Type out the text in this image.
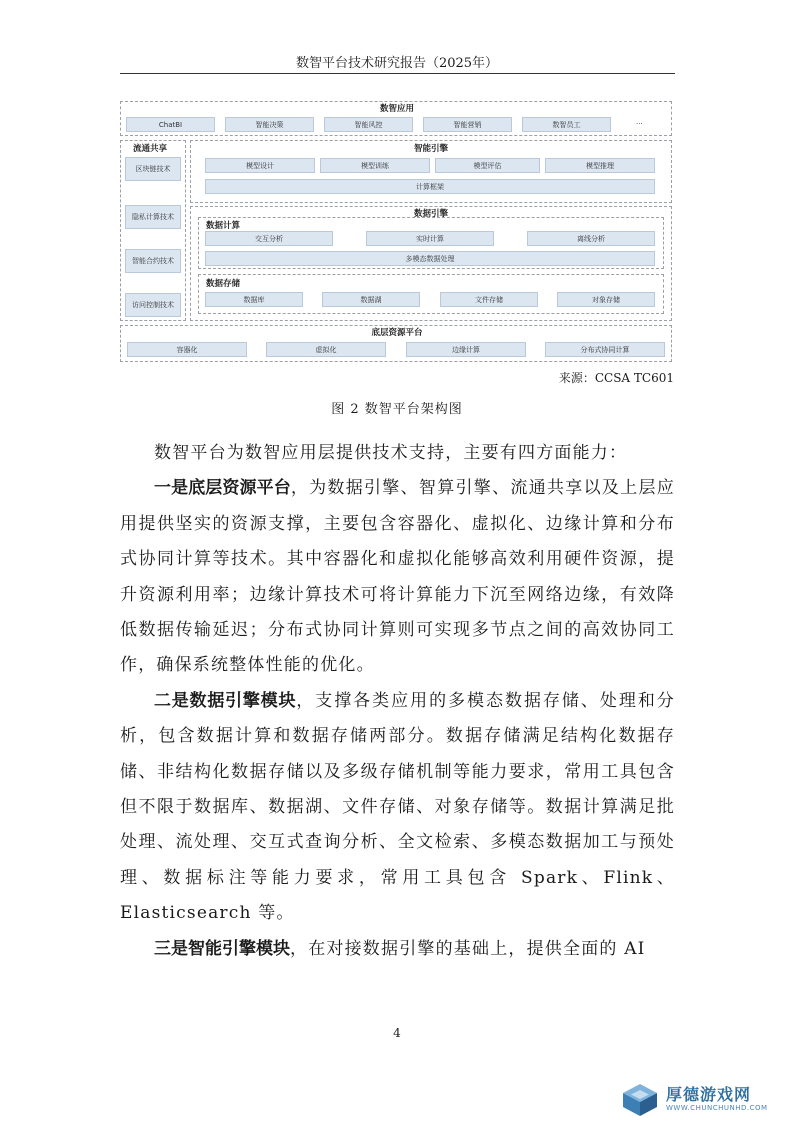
数智平台技术研究报告（2025年）
数智应用
ChatBI	智能决策	智能风控	智能营销	数智员工	...
流通共享
区块链技术
隐私计算技术
智能合约技术
访问控制技术
智能引擎
模型设计	模型训练	模型评估	模型推理
计算框架
数据引擎
数据计算
交互分析	实时计算	离线分析
多模态数据处理
数据存储
数据库	数据湖	文件存储	对象存储
底层资源平台
容器化	虚拟化	边缘计算	分布式协同计算
来源：CCSA TC601
图 2 数智平台架构图

数智平台为数智应用层提供技术支持，主要有四方面能力：

一是底层资源平台，为数据引擎、智算引擎、流通共享以及上层应用提供坚实的资源支撑，主要包含容器化、虚拟化、边缘计算和分布式协同计算等技术。其中容器化和虚拟化能够高效利用硬件资源，提升资源利用率；边缘计算技术可将计算能力下沉至网络边缘，有效降低数据传输延迟；分布式协同计算则可实现多节点之间的高效协同工作，确保系统整体性能的优化。

二是数据引擎模块，支撑各类应用的多模态数据存储、处理和分析，包含数据计算和数据存储两部分。数据存储满足结构化数据存储、非结构化数据存储以及多级存储机制等能力要求，常用工具包含但不限于数据库、数据湖、文件存储、对象存储等。数据计算满足批处理、流处理、交互式查询分析、全文检索、多模态数据加工与预处理、数据标注等能力要求，常用工具包含 Spark、Flink、Elasticsearch 等。

三是智能引擎模块，在对接数据引擎的基础上，提供全面的 AI

4
厚德游戏网
WWW.CHUNCHUNHD.COM
